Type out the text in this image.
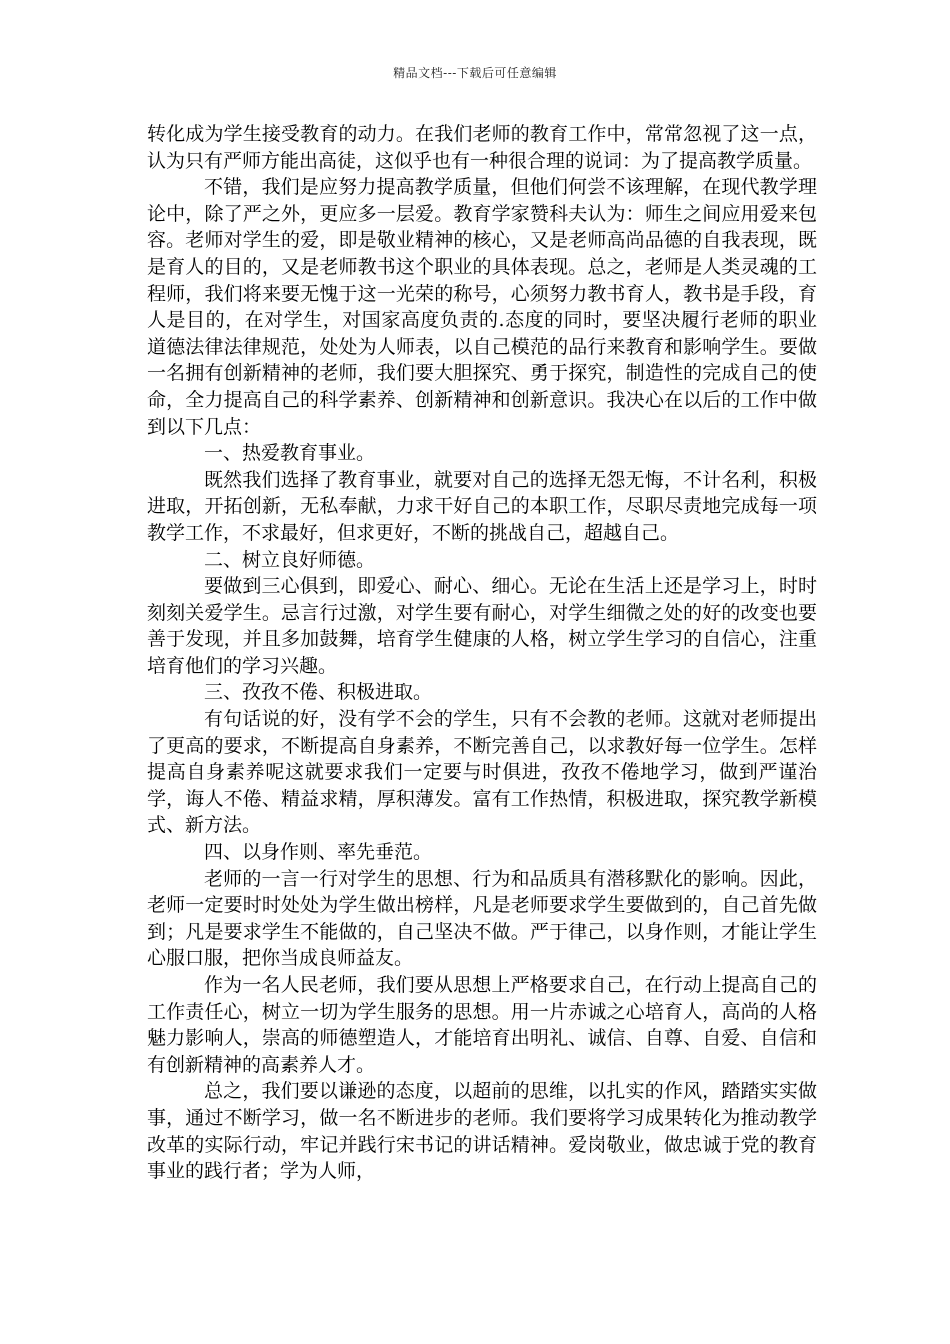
精品文档---下载后可任意编辑

转化成为学生接受教育的动力。在我们老师的教育工作中，常常忽视了这一点，认为只有严师方能出高徒，这似乎也有一种很合理的说词：为了提高教学质量。

不错，我们是应努力提高教学质量，但他们何尝不该理解，在现代教学理论中，除了严之外，更应多一层爱。教育学家赞科夫认为：师生之间应用爱来包容。老师对学生的爱，即是敬业精神的核心，又是老师高尚品德的自我表现，既是育人的目的，又是老师教书这个职业的具体表现。总之，老师是人类灵魂的工程师，我们将来要无愧于这一光荣的称号，心须努力教书育人，教书是手段，育人是目的，在对学生，对国家高度负责的.态度的同时，要坚决履行老师的职业道德法律法律规范，处处为人师表，以自己模范的品行来教育和影响学生。要做一名拥有创新精神的老师，我们要大胆探究、勇于探究，制造性的完成自己的使命，全力提高自己的科学素养、创新精神和创新意识。我决心在以后的工作中做到以下几点：

一、热爱教育事业。

既然我们选择了教育事业，就要对自己的选择无怨无悔，不计名利，积极进取，开拓创新，无私奉献，力求干好自己的本职工作，尽职尽责地完成每一项教学工作，不求最好，但求更好，不断的挑战自己，超越自己。

二、树立良好师德。

要做到三心俱到，即爱心、耐心、细心。无论在生活上还是学习上，时时刻刻关爱学生。忌言行过激，对学生要有耐心，对学生细微之处的好的改变也要善于发现，并且多加鼓舞，培育学生健康的人格，树立学生学习的自信心，注重培育他们的学习兴趣。

三、孜孜不倦、积极进取。

有句话说的好，没有学不会的学生，只有不会教的老师。这就对老师提出了更高的要求，不断提高自身素养，不断完善自己，以求教好每一位学生。怎样提高自身素养呢这就要求我们一定要与时俱进，孜孜不倦地学习，做到严谨治学，诲人不倦、精益求精，厚积薄发。富有工作热情，积极进取，探究教学新模式、新方法。

四、以身作则、率先垂范。

老师的一言一行对学生的思想、行为和品质具有潜移默化的影响。因此，老师一定要时时处处为学生做出榜样，凡是老师要求学生要做到的，自己首先做到；凡是要求学生不能做的，自己坚决不做。严于律己，以身作则，才能让学生心服口服，把你当成良师益友。

作为一名人民老师，我们要从思想上严格要求自己，在行动上提高自己的工作责任心，树立一切为学生服务的思想。用一片赤诚之心培育人，高尚的人格魅力影响人，崇高的师德塑造人，才能培育出明礼、诚信、自尊、自爱、自信和有创新精神的高素养人才。

总之，我们要以谦逊的态度，以超前的思维，以扎实的作风，踏踏实实做事，通过不断学习，做一名不断进步的老师。我们要将学习成果转化为推动教学改革的实际行动，牢记并践行宋书记的讲话精神。爱岗敬业，做忠诚于党的教育事业的践行者；学为人师，
